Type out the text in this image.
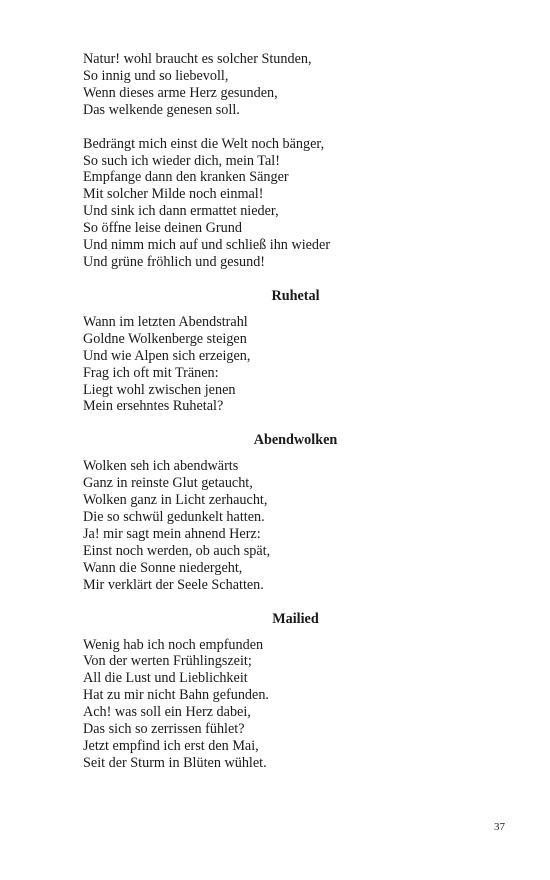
Natur! wohl braucht es solcher Stunden,
So innig und so liebevoll,
Wenn dieses arme Herz gesunden,
Das welkende genesen soll.
Bedrängt mich einst die Welt noch bänger,
So such ich wieder dich, mein Tal!
Empfange dann den kranken Sänger
Mit solcher Milde noch einmal!
Und sink ich dann ermattet nieder,
So öffne leise deinen Grund
Und nimm mich auf und schließ ihn wieder
Und grüne fröhlich und gesund!
Ruhetal
Wann im letzten Abendstrahl
Goldne Wolkenberge steigen
Und wie Alpen sich erzeigen,
Frag ich oft mit Tränen:
Liegt wohl zwischen jenen
Mein ersehntes Ruhetal?
Abendwolken
Wolken seh ich abendwärts
Ganz in reinste Glut getaucht,
Wolken ganz in Licht zerhaucht,
Die so schwül gedunkelt hatten.
Ja! mir sagt mein ahnend Herz:
Einst noch werden, ob auch spät,
Wann die Sonne niedergeht,
Mir verklärt der Seele Schatten.
Mailied
Wenig hab ich noch empfunden
Von der werten Frühlingszeit;
All die Lust und Lieblichkeit
Hat zu mir nicht Bahn gefunden.
Ach! was soll ein Herz dabei,
Das sich so zerrissen fühlet?
Jetzt empfind ich erst den Mai,
Seit der Sturm in Blüten wühlet.
37
